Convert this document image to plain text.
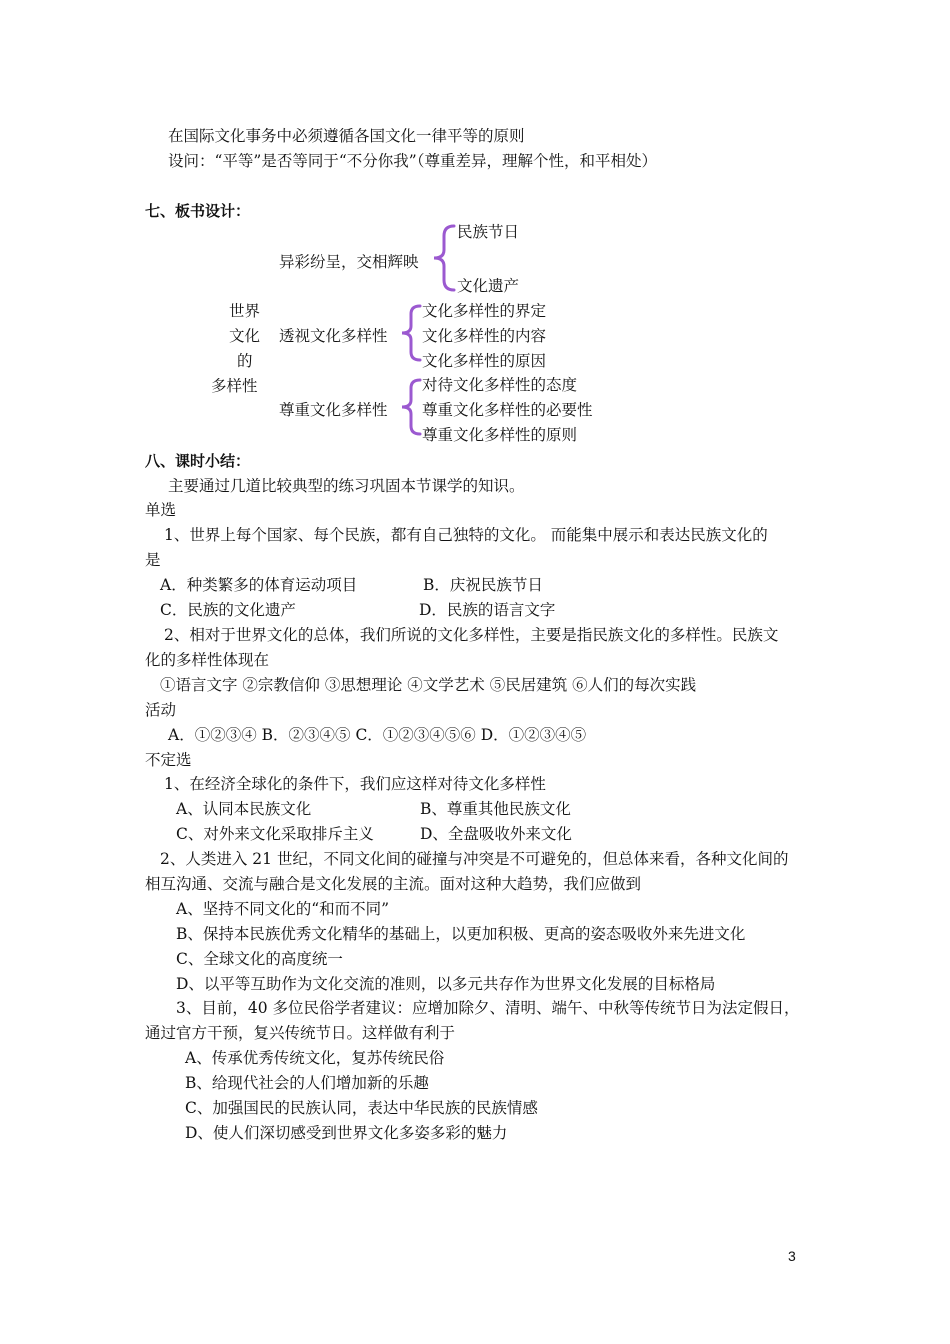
在国际文化事务中必须遵循各国文化一律平等的原则
设问：“平等”是否等同于“不分你我”（尊重差异，理解个性，和平相处）
七、板书设计：
世界
文化
的
多样性
异彩纷呈，交相辉映
民族节日
文化遗产
透视文化多样性
文化多样性的界定
文化多样性的内容
文化多样性的原因
尊重文化多样性
对待文化多样性的态度
尊重文化多样性的必要性
尊重文化多样性的原则
八、课时小结：
主要通过几道比较典型的练习巩固本节课学的知识。
单选
1、世界上每个国家、每个民族，都有自己独特的文化。 而能集中展示和表达民族文化的
是
A．种类繁多的体育运动项目	B．庆祝民族节日
C．民族的文化遗产	D．民族的语言文字
2、相对于世界文化的总体，我们所说的文化多样性，主要是指民族文化的多样性。民族文
化的多样性体现在
①语言文字 ②宗教信仰 ③思想理论 ④文学艺术 ⑤民居建筑 ⑥人们的每次实践
活动
A．①②③④ B．②③④⑤ C．①②③④⑤⑥ D．①②③④⑤
不定选
1、在经济全球化的条件下，我们应这样对待文化多样性
A、认同本民族文化	B、尊重其他民族文化
C、对外来文化采取排斥主义	D、全盘吸收外来文化
2、人类进入 21 世纪，不同文化间的碰撞与冲突是不可避免的，但总体来看，各种文化间的
相互沟通、交流与融合是文化发展的主流。面对这种大趋势，我们应做到
A、坚持不同文化的“和而不同”
B、保持本民族优秀文化精华的基础上，以更加积极、更高的姿态吸收外来先进文化
C、全球文化的高度统一
D、以平等互助作为文化交流的准则，以多元共存作为世界文化发展的目标格局
3、目前，40 多位民俗学者建议：应增加除夕、清明、端午、中秋等传统节日为法定假日，
通过官方干预，复兴传统节日。这样做有利于
A、传承优秀传统文化，复苏传统民俗
B、给现代社会的人们增加新的乐趣
C、加强国民的民族认同，表达中华民族的民族情感
D、使人们深切感受到世界文化多姿多彩的魅力
3
